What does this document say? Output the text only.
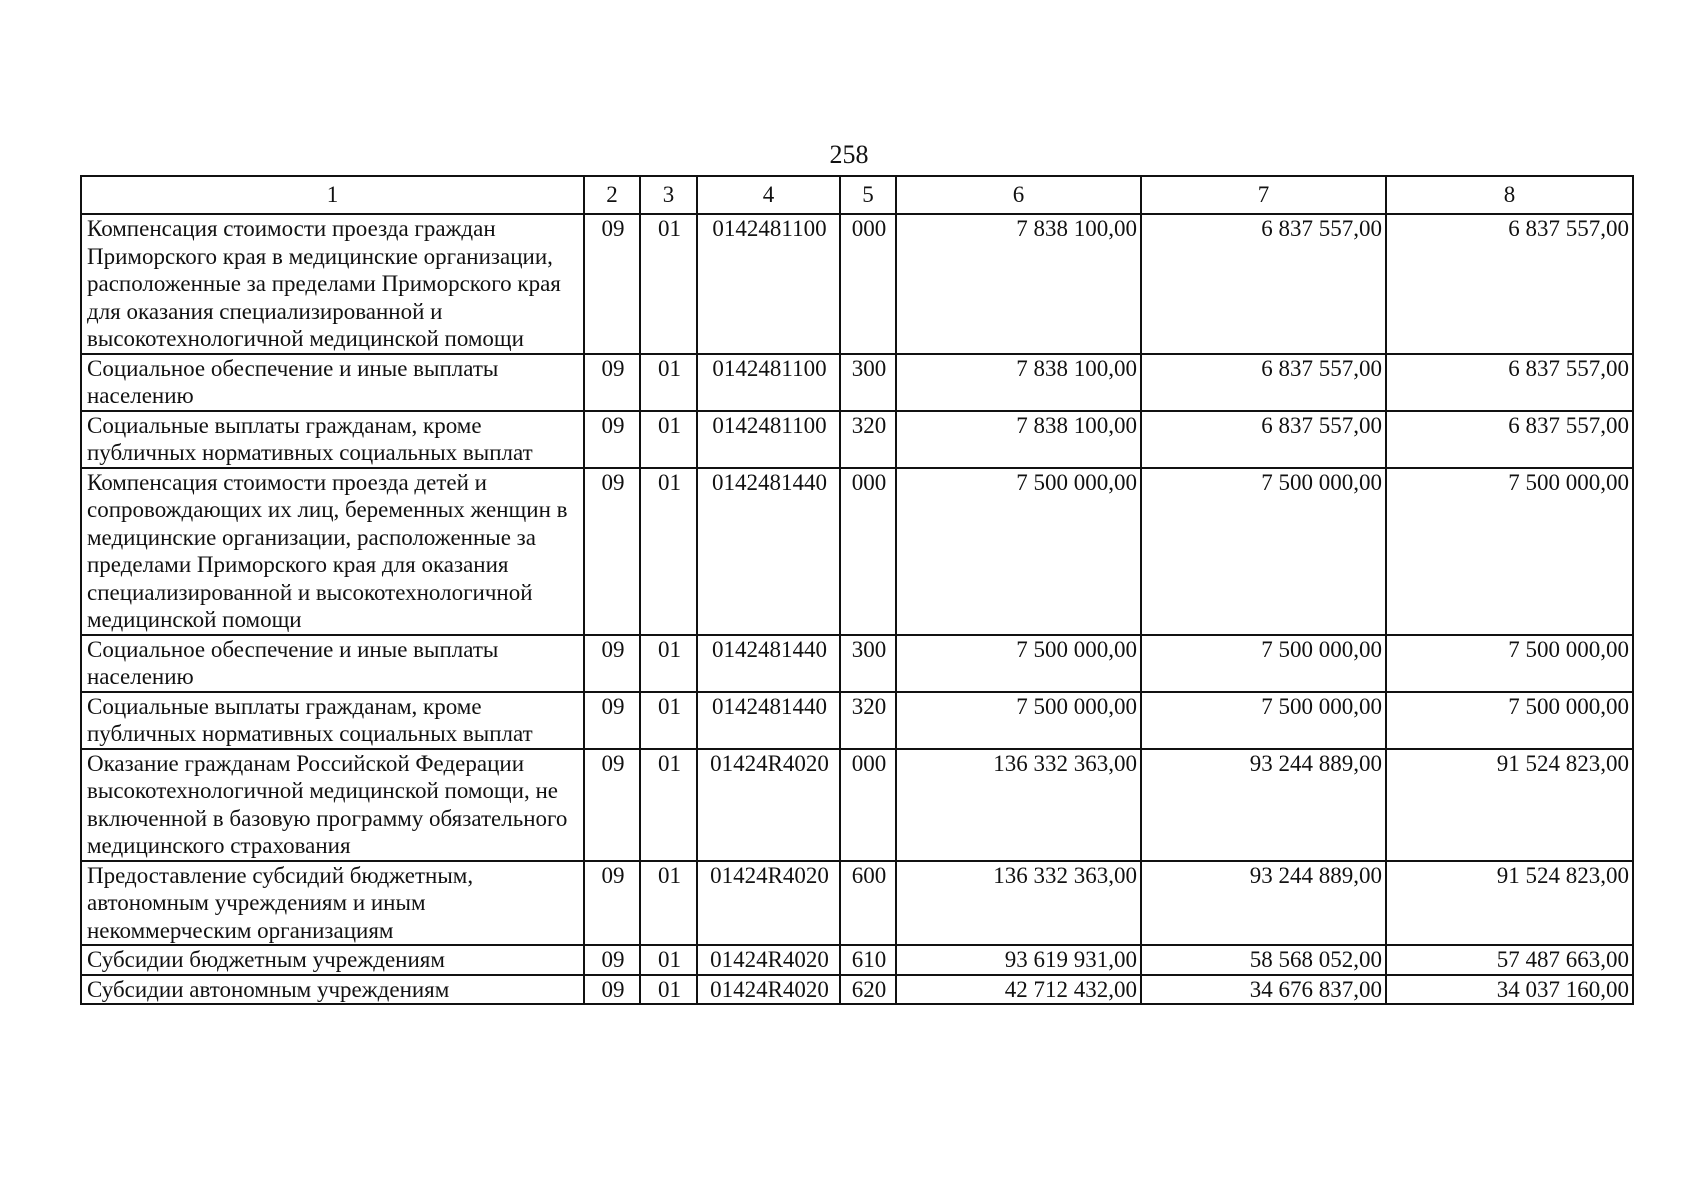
258
1	2	3	4	5	6	7	8
Компенсация стоимости проезда граждан Приморского края в медицинские организации, расположенные за пределами Приморского края для оказания специализированной и высокотехнологичной медицинской помощи	09	01	0142481100	000	7 838 100,00	6 837 557,00	6 837 557,00
Социальное обеспечение и иные выплаты населению	09	01	0142481100	300	7 838 100,00	6 837 557,00	6 837 557,00
Социальные выплаты гражданам, кроме публичных нормативных социальных выплат	09	01	0142481100	320	7 838 100,00	6 837 557,00	6 837 557,00
Компенсация стоимости проезда детей и сопровождающих их лиц, беременных женщин в медицинские организации, расположенные за пределами Приморского края для оказания специализированной и высокотехнологичной медицинской помощи	09	01	0142481440	000	7 500 000,00	7 500 000,00	7 500 000,00
Социальное обеспечение и иные выплаты населению	09	01	0142481440	300	7 500 000,00	7 500 000,00	7 500 000,00
Социальные выплаты гражданам, кроме публичных нормативных социальных выплат	09	01	0142481440	320	7 500 000,00	7 500 000,00	7 500 000,00
Оказание гражданам Российской Федерации высокотехнологичной медицинской помощи, не включенной в базовую программу обязательного медицинского страхования	09	01	01424R4020	000	136 332 363,00	93 244 889,00	91 524 823,00
Предоставление субсидий бюджетным, автономным учреждениям и иным некоммерческим организациям	09	01	01424R4020	600	136 332 363,00	93 244 889,00	91 524 823,00
Субсидии бюджетным учреждениям	09	01	01424R4020	610	93 619 931,00	58 568 052,00	57 487 663,00
Субсидии автономным учреждениям	09	01	01424R4020	620	42 712 432,00	34 676 837,00	34 037 160,00
